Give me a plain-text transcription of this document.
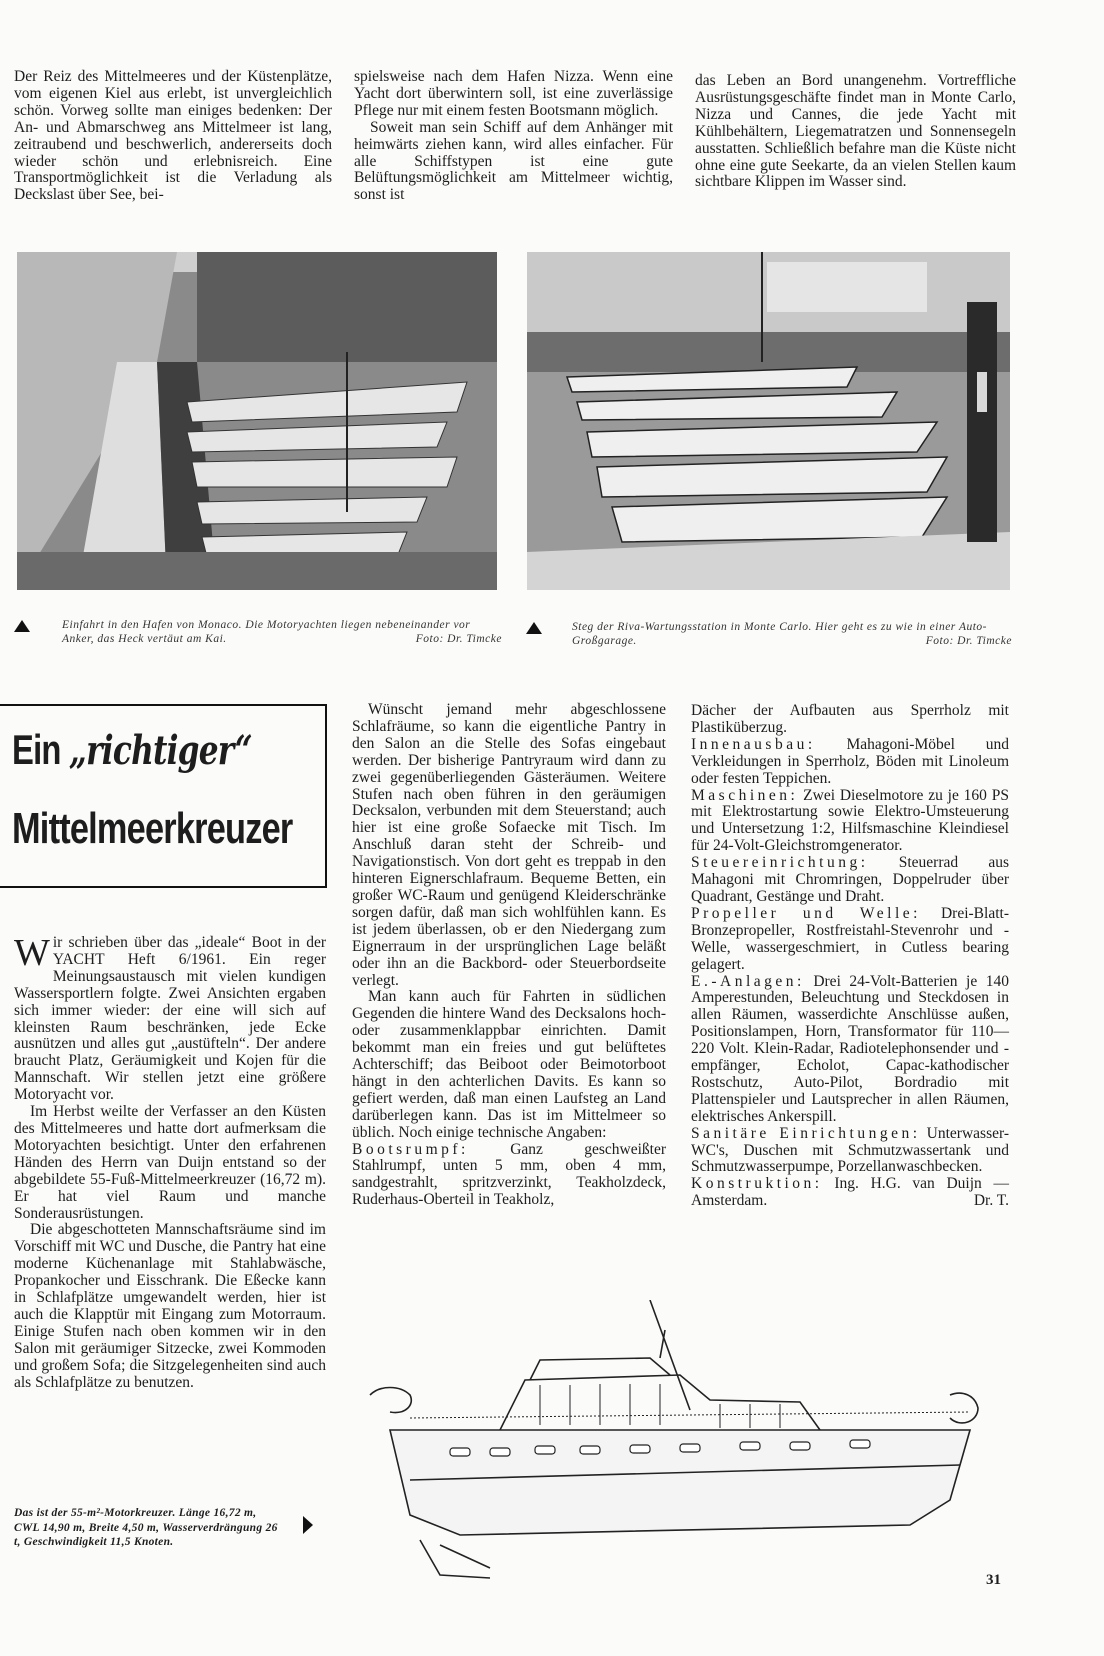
Der Reiz des Mittelmeeres und der Küstenplätze, vom eigenen Kiel aus erlebt, ist unvergleichlich schön. Vorweg sollte man einiges bedenken: Der An- und Abmarschweg ans Mittelmeer ist lang, zeitraubend und beschwerlich, andererseits doch wieder schön und erlebnisreich. Eine Transportmöglichkeit ist die Verladung als Deckslast über See, bei-

spielsweise nach dem Hafen Nizza. Wenn eine Yacht dort überwintern soll, ist eine zuverlässige Pflege nur mit einem festen Bootsmann möglich.

Soweit man sein Schiff auf dem Anhänger mit heimwärts ziehen kann, wird alles einfacher. Für alle Schiffstypen ist eine gute Belüftungsmöglichkeit am Mittelmeer wichtig, sonst ist

das Leben an Bord unangenehm. Vortreffliche Ausrüstungsgeschäfte findet man in Monte Carlo, Nizza und Cannes, die jede Yacht mit Kühlbehältern, Liegematratzen und Sonnensegeln ausstatten. Schließlich befahre man die Küste nicht ohne eine gute Seekarte, da an vielen Stellen kaum sichtbare Klippen im Wasser sind.

Einfahrt in den Hafen von Monaco. Die Motoryachten liegen nebeneinander vor Anker, das Heck vertäut am Kai.	Foto: Dr. Timcke
Steg der Riva-Wartungsstation in Monte Carlo. Hier geht es zu wie in einer Auto-Großgarage.	Foto: Dr. Timcke
Ein „richtiger“
Mittelmeerkreuzer

Wir schrieben über das „ideale“ Boot in der YACHT Heft 6/1961. Ein reger Meinungsaustausch mit vielen kundigen Wassersportlern folgte. Zwei Ansichten ergaben sich immer wieder: der eine will sich auf kleinsten Raum beschränken, jede Ecke ausnützen und alles gut „austüfteln“. Der andere braucht Platz, Geräumigkeit und Kojen für die Mannschaft. Wir stellen jetzt eine größere Motoryacht vor.

Im Herbst weilte der Verfasser an den Küsten des Mittelmeeres und hatte dort aufmerksam die Motoryachten besichtigt. Unter den erfahrenen Händen des Herrn van Duijn entstand so der abgebildete 55-Fuß-Mittelmeerkreuzer (16,72 m). Er hat viel Raum und manche Sonderausrüstungen.

Die abgeschotteten Mannschaftsräume sind im Vorschiff mit WC und Dusche, die Pantry hat eine moderne Küchenanlage mit Stahlabwäsche, Propankocher und Eisschrank. Die Eßecke kann in Schlafplätze umgewandelt werden, hier ist auch die Klapptür mit Eingang zum Motorraum. Einige Stufen nach oben kommen wir in den Salon mit geräumiger Sitzecke, zwei Kommoden und großem Sofa; die Sitzgelegenheiten sind auch als Schlafplätze zu benutzen.

Wünscht jemand mehr abgeschlossene Schlafräume, so kann die eigentliche Pantry in den Salon an die Stelle des Sofas eingebaut werden. Der bisherige Pantryraum wird dann zu zwei gegenüberliegenden Gästeräumen. Weitere Stufen nach oben führen in den geräumigen Decksalon, verbunden mit dem Steuerstand; auch hier ist eine große Sofaecke mit Tisch. Im Anschluß daran steht der Schreib- und Navigationstisch. Von dort geht es treppab in den hinteren Eignerschlafraum. Bequeme Betten, ein großer WC-Raum und genügend Kleiderschränke sorgen dafür, daß man sich wohlfühlen kann. Es ist jedem überlassen, ob er den Niedergang zum Eignerraum in der ursprünglichen Lage beläßt oder ihn an die Backbord- oder Steuerbordseite verlegt.

Man kann auch für Fahrten in südlichen Gegenden die hintere Wand des Decksalons hoch- oder zusammenklappbar einrichten. Damit bekommt man ein freies und gut belüftetes Achterschiff; das Beiboot oder Beimotorboot hängt in den achterlichen Davits. Es kann so gefiert werden, daß man einen Laufsteg an Land darüberlegen kann. Das ist im Mittelmeer so üblich. Noch einige technische Angaben:

Bootsrumpf:	Ganz geschweißter Stahlrumpf, unten 5 mm, oben 4 mm, sandgestrahlt, spritzverzinkt, Teakholzdeck, Ruderhaus-Oberteil in Teakholz,

Dächer der Aufbauten aus Sperrholz mit Plastiküberzug.

Innenausbau: Mahagoni-Möbel und Verkleidungen in Sperrholz, Böden mit Linoleum oder festen Teppichen.

Maschinen: Zwei Dieselmotore zu je 160 PS mit Elektrostartung sowie Elektro-Umsteuerung und Untersetzung 1:2, Hilfsmaschine Kleindiesel für 24-Volt-Gleichstromgenerator.

Steuereinrichtung: Steuerrad aus Mahagoni mit Chromringen, Doppelruder über Quadrant, Gestänge und Draht.

Propeller und Welle: Drei-Blatt-Bronzepropeller, Rostfreistahl-Stevenrohr und -Welle, wassergeschmiert, in Cutless bearing gelagert.

E.-Anlagen: Drei 24-Volt-Batterien je 140 Amperestunden, Beleuchtung und Steckdosen in allen Räumen, wasserdichte Anschlüsse außen, Positionslampen, Horn, Transformator für 110—220 Volt. Klein-Radar, Radiotelephonsender und -empfänger, Echolot, Capac-kathodischer Rostschutz, Auto-Pilot, Bordradio mit Plattenspieler und Lautsprecher in allen Räumen, elektrisches Ankerspill.

Sanitäre Einrichtungen: Unterwasser-WC's, Duschen mit Schmutzwassertank und Schmutzwasserpumpe, Porzellanwaschbecken.

Konstruktion: Ing. H.G. van Duijn — Amsterdam.	Dr. T.

Das ist der 55-m²-Motorkreuzer. Länge 16,72 m, CWL 14,90 m, Breite 4,50 m, Wasserverdrängung 26 t, Geschwindigkeit 11,5 Knoten.
31
